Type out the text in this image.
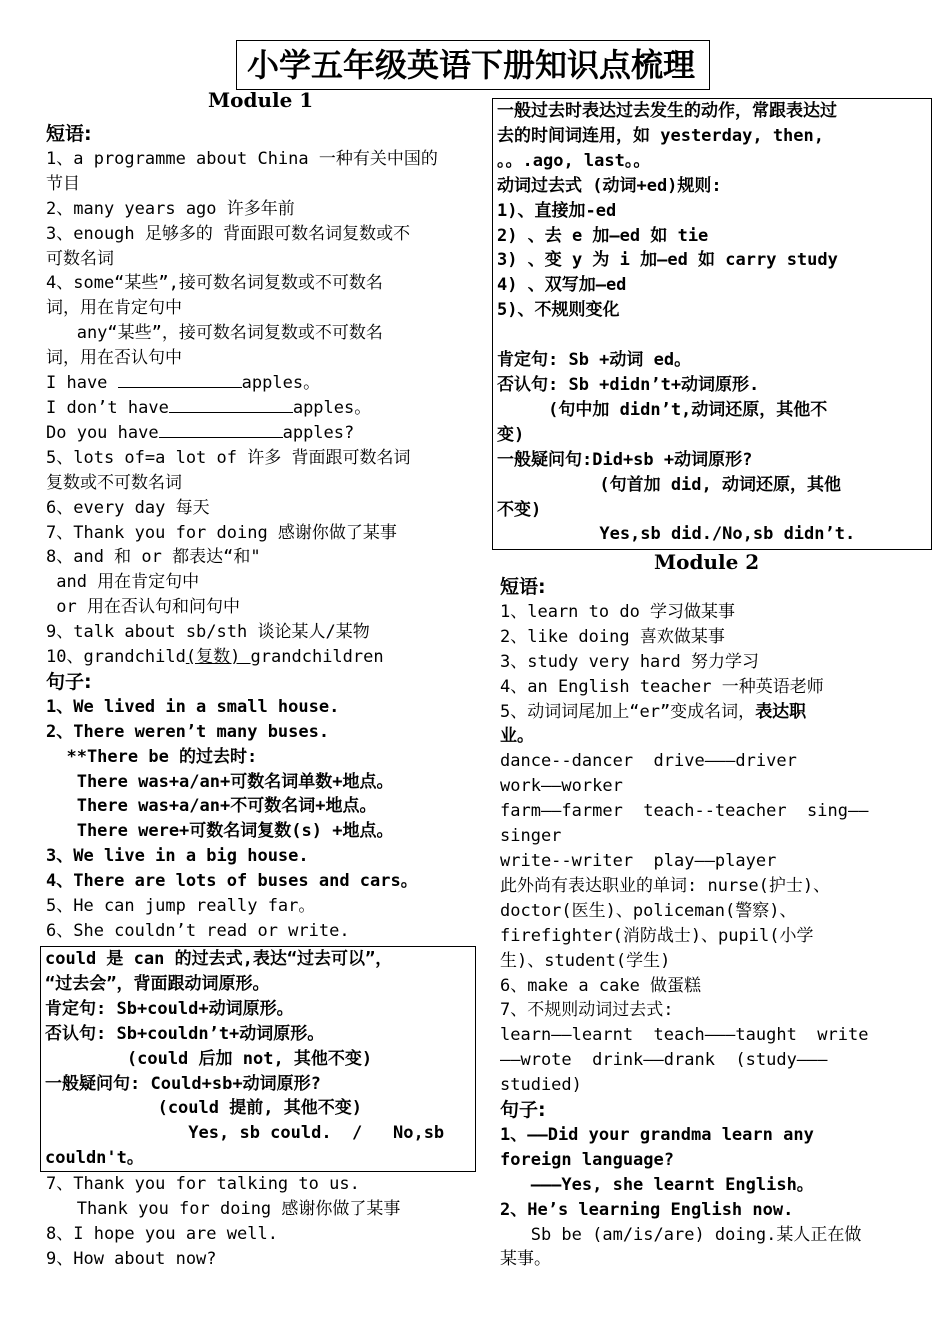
小学五年级英语下册知识点梳理
Module 1
短语:
1、a programme about China 一种有关中国的
节目
2、many years ago 许多年前
3、enough 足够多的 背面跟可数名词复数或不
可数名词
4、some“某些”,接可数名词复数或不可数名
词，用在肯定句中
any“某些”，接可数名词复数或不可数名
词，用在否认句中
I have	apples。
I don’t have	apples。
Do you have	apples?
5、lots of=a lot of 许多 背面跟可数名词
复数或不可数名词
6、every day 每天
7、Thank you for doing 感谢你做了某事
8、and 和 or 都表达“和"
and 用在肯定句中
or 用在否认句和问句中
9、talk about sb/sth 谈论某人/某物
10、grandchild(复数) grandchildren
句子:
1、We lived in a small house.
2、There weren’t many buses.
**There be 的过去时:
There was+a/an+可数名词单数+地点。
There was+a/an+不可数名词+地点。
There were+可数名词复数(s) +地点。
3、We live in a big house.
4、There are lots of buses and cars。
5、He can jump really far。
6、She couldn’t read or write.
could 是 can 的过去式,表达“过去可以”，
“过去会”，背面跟动词原形。
肯定句: Sb+could+动词原形。
否认句: Sb+couldn’t+动词原形。
(could 后加 not, 其他不变)
一般疑问句: Could+sb+动词原形?
(could 提前, 其他不变)
Yes, sb could.  /   No,sb
couldn't。
7、Thank you for talking to us.
Thank you for doing 感谢你做了某事
8、I hope you are well.
9、How about now?
一般过去时表达过去发生的动作，常跟表达过
去的时间词连用，如 yesterday, then,
。。.ago, last。。
动词过去式 (动词+ed)规则:
1)、直接加-ed
2) 、去 e 加—ed 如 tie
3) 、变 y 为 i 加—ed 如 carry study
4) 、双写加—ed
5)、不规则变化

肯定句: Sb +动词 ed。
否认句: Sb +didn’t+动词原形.
(句中加 didn’t,动词还原，其他不
变)
一般疑问句:Did+sb +动词原形?
(句首加 did, 动词还原，其他
不变)
Yes,sb did./No,sb didn’t.
Module 2
短语:
1、learn to do 学习做某事
2、like doing 喜欢做某事
3、study very hard 努力学习
4、an English teacher 一种英语老师
5、动词词尾加上“er”变成名词，表达职
业。
dance--dancer  drive———driver
work——worker
farm——farmer  teach--teacher  sing——
singer
write--writer  play——player
此外尚有表达职业的单词: nurse(护士)、
doctor(医生)、policeman(警察)、
firefighter(消防战士)、pupil(小学
生)、student(学生)
6、make a cake 做蛋糕
7、不规则动词过去式:
learn——learnt  teach———taught  write
——wrote  drink——drank  (study———
studied)
句子:
1、——Did your grandma learn any
foreign language?
———Yes, she learnt English。
2、He’s learning English now.
Sb be (am/is/are) doing.某人正在做
某事。
